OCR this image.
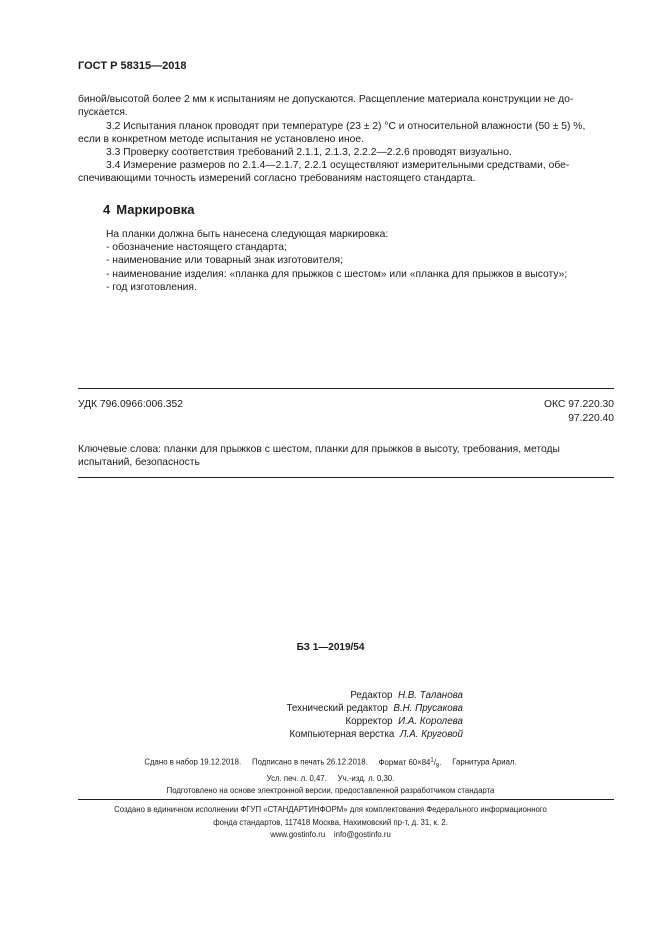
ГОСТ Р 58315—2018
биной/высотой более 2 мм к испытаниям не допускаются. Расщепление материала конструкции не до-
пускается.
3.2 Испытания планок проводят при температуре (23 ± 2) °C и относительной влажности (50 ± 5) %,
если в конкретном методе испытания не установлено иное.
3.3 Проверку соответствия требований 2.1.1, 2.1.3, 2.2.2—2.2.6 проводят визуально.
3.4 Измерение размеров по 2.1.4—2.1.7, 2.2.1 осуществляют измерительными средствами, обе-
спечивающими точность измерений согласно требованиям настоящего стандарта.
4 Маркировка
На планки должна быть нанесена следующая маркировка:
- обозначение настоящего стандарта;
- наименование или товарный знак изготовителя;
- наименование изделия: «планка для прыжков с шестом» или «планка для прыжков в высоту»;
- год изготовления.
УДК 796.0966:006.352	ОКС 97.220.30
97.220.40
Ключевые слова: планки для прыжков с шестом, планки для прыжков в высоту, требования, методы
испытаний, безопасность
БЗ 1—2019/54
Редактор Н.В. Таланова
Технический редактор В.Н. Прусакова
Корректор И.А. Королева
Компьютерная верстка Л.А. Круговой
Сдано в набор 19.12.2018. Подписано в печать 26.12.2018. Формат $60\times 84^1/_8$. Гарнитура Ариал.
Усл. печ. л. 0,47. Уч.-изд. л. 0,30.
Подготовлено на основе электронной версии, предоставленной разработчиком стандарта
Создано в единичном исполнении ФГУП «СТАНДАРТИНФОРМ» для комплектования Федерального информационного
фонда стандартов, 117418 Москва, Нахимовский пр-т, д. 31, к. 2.
www.gostinfo.ru info@gostinfo.ru
